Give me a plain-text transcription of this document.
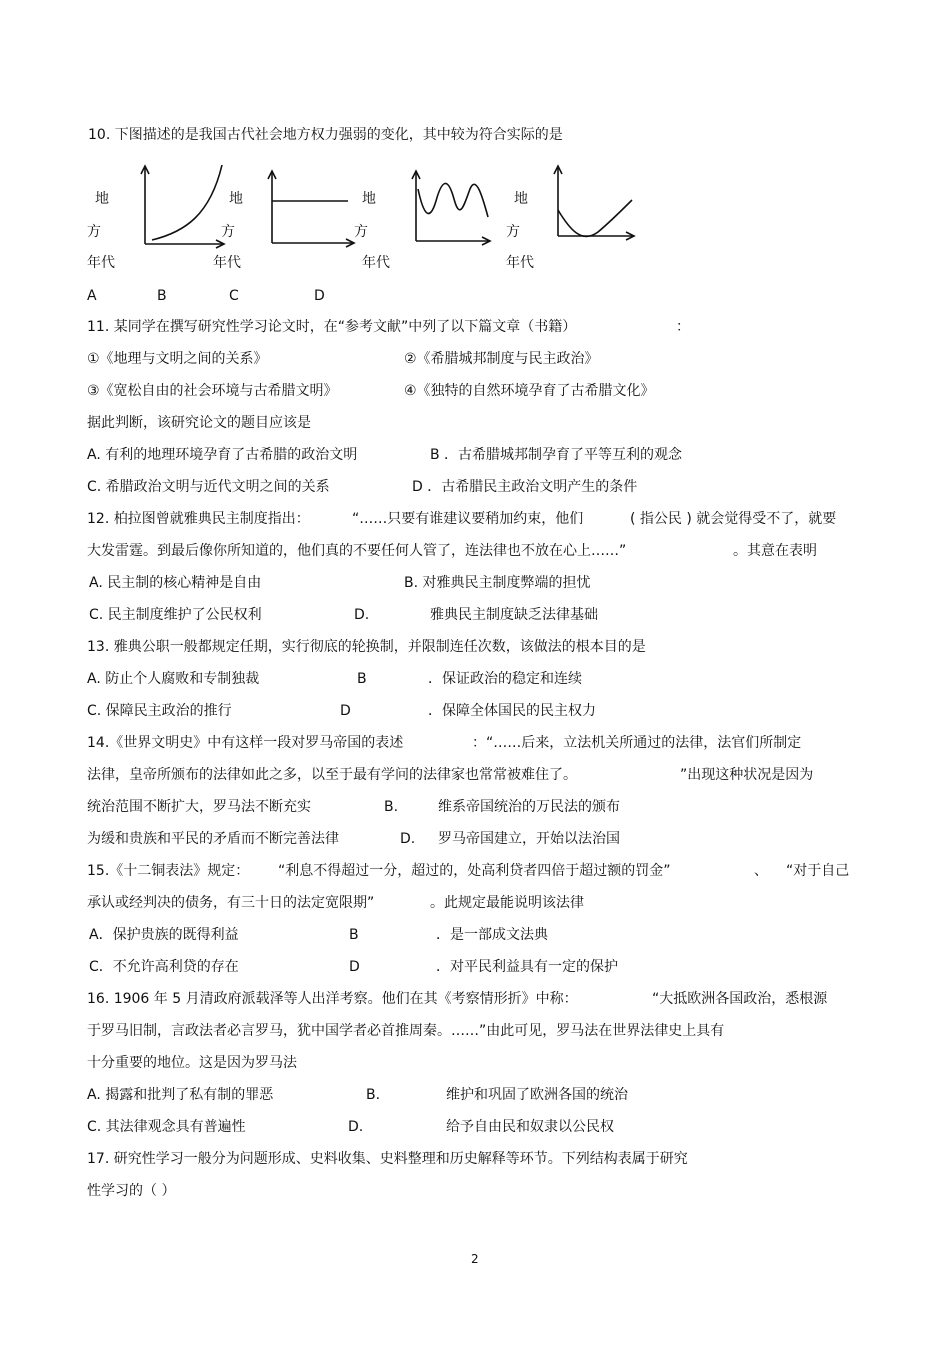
10. 下图描述的是我国古代社会地方权力强弱的变化，其中较为符合实际的是
地
方
年代
地
方
年代
地
方
年代
地
方
年代
A	B	C	D
11. 某同学在撰写研究性学习论文时，在“参考文献”中列了以下篇文章（书籍）	：
①《地理与文明之间的关系》	②《希腊城邦制度与民主政治》
③《宽松自由的社会环境与古希腊文明》	④《独特的自然环境孕育了古希腊文化》
据此判断，该研究论文的题目应该是
A. 有利的地理环境孕育了古希腊的政治文明	B ．古希腊城邦制孕育了平等互利的观念
C. 希腊政治文明与近代文明之间的关系	D ．古希腊民主政治文明产生的条件
12. 柏拉图曾就雅典民主制度指出：	“……只要有谁建议要稍加约束，他们	( 指公民 ) 就会觉得受不了，就要
大发雷霆。到最后像你所知道的，他们真的不要任何人管了，连法律也不放在心上……”	。其意在表明
A. 民主制的核心精神是自由	B. 对雅典民主制度弊端的担忧
C. 民主制度维护了公民权利	D.	雅典民主制度缺乏法律基础
13. 雅典公职一般都规定任期，实行彻底的轮换制，并限制连任次数，该做法的根本目的是
A. 防止个人腐败和专制独裁	B	．保证政治的稳定和连续
C. 保障民主政治的推行	D	．保障全体国民的民主权力
14.《世界文明史》中有这样一段对罗马帝国的表述	：“……后来，立法机关所通过的法律，法官们所制定
法律，皇帝所颁布的法律如此之多，以至于最有学问的法律家也常常被难住了。	”出现这种状况是因为
统治范围不断扩大，罗马法不断充实	B.	维系帝国统治的万民法的颁布
为缓和贵族和平民的矛盾而不断完善法律	D. 罗马帝国建立，开始以法治国
15.《十二铜表法》规定： “利息不得超过一分，超过的，处高利贷者四倍于超过额的罚金”	、 “对于自己
承认或经判决的债务，有三十日的法定宽限期”	。此规定最能说明该法律
A．保护贵族的既得利益	B	．是一部成文法典
C．不允许高利贷的存在	D	．对平民利益具有一定的保护
16. 1906 年 5 月清政府派载泽等人出洋考察。他们在其《考察情形折》中称：	“大抵欧洲各国政治，悉根源
于罗马旧制，言政法者必言罗马，犹中国学者必首推周秦。……”由此可见，罗马法在世界法律史上具有
十分重要的地位。这是因为罗马法
A. 揭露和批判了私有制的罪恶	B.	维护和巩固了欧洲各国的统治
C. 其法律观念具有普遍性	D.	给予自由民和奴隶以公民权
17. 研究性学习一般分为问题形成、史料收集、史料整理和历史解释等环节。下列结构表属于研究
性学习的（ ）
2
